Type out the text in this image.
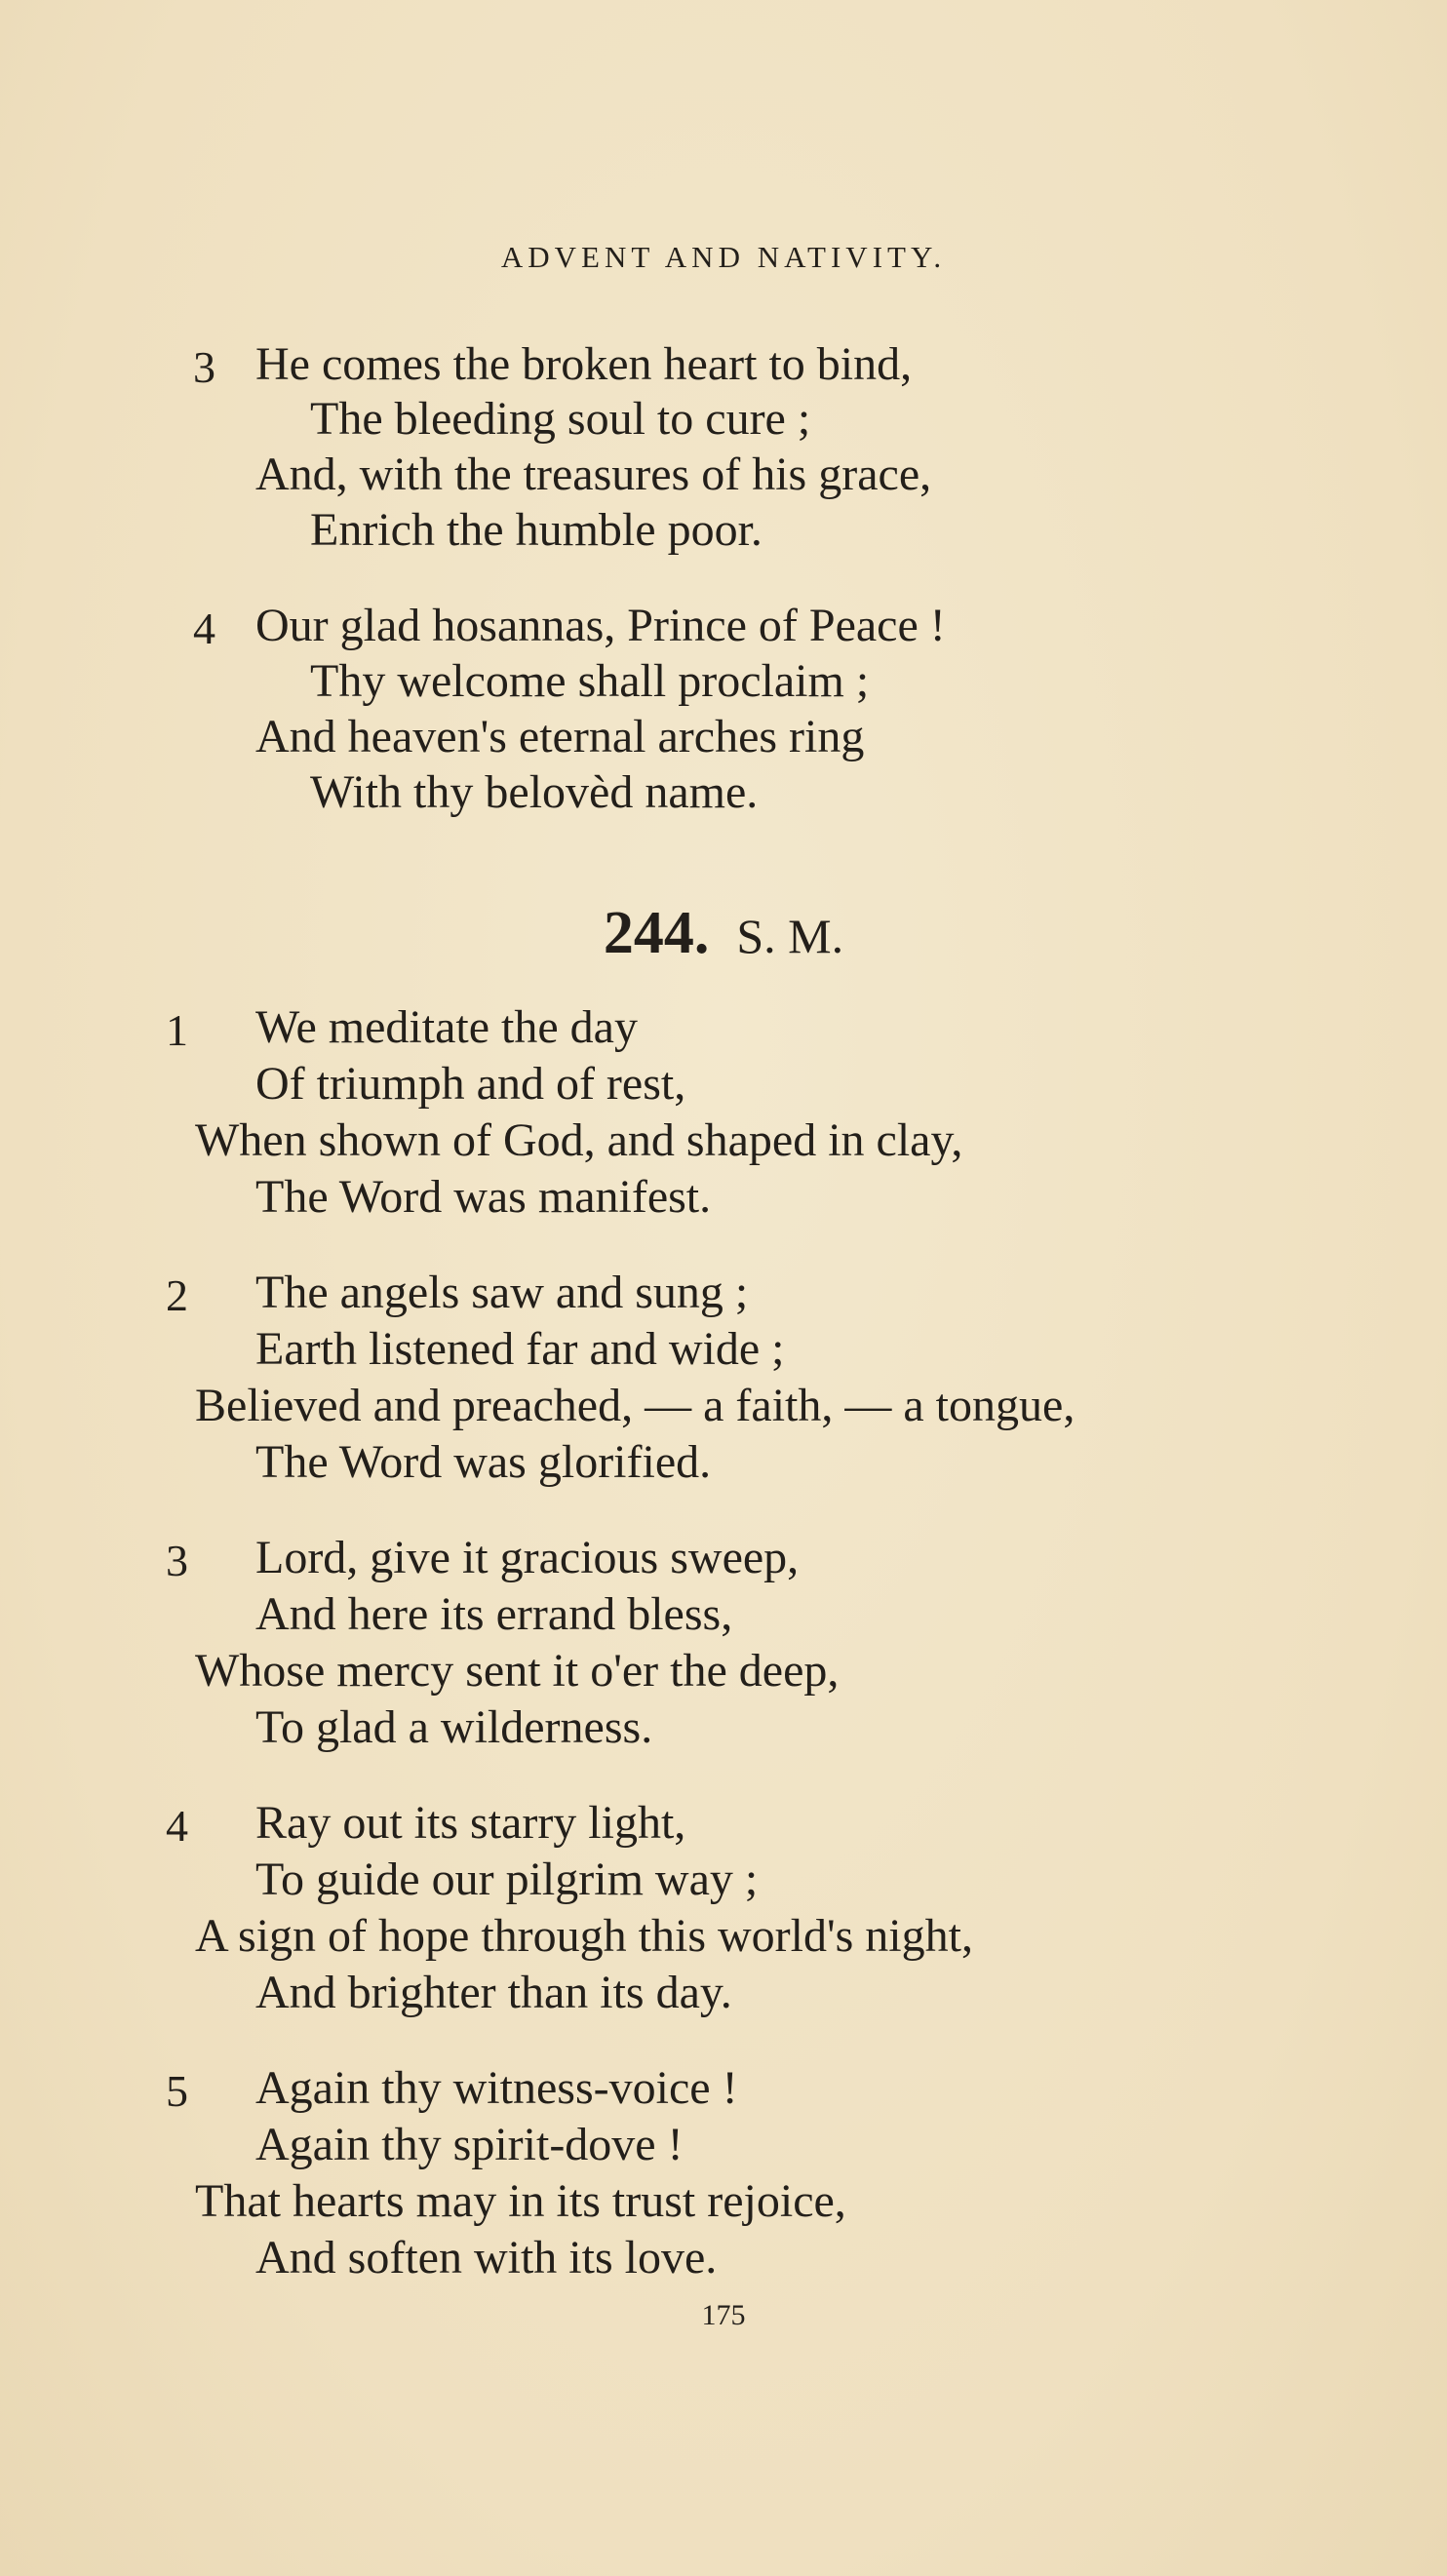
ADVENT AND NATIVITY.
3 He comes the broken heart to bind,
The bleeding soul to cure ;
And, with the treasures of his grace,
Enrich the humble poor.
4 Our glad hosannas, Prince of Peace !
Thy welcome shall proclaim ;
And heaven's eternal arches ring
With thy belovèd name.
244. S. M.
1 We meditate the day
Of triumph and of rest,
When shown of God, and shaped in clay,
The Word was manifest.
2 The angels saw and sung ;
Earth listened far and wide ;
Believed and preached, — a faith, — a tongue,
The Word was glorified.
3 Lord, give it gracious sweep,
And here its errand bless,
Whose mercy sent it o'er the deep,
To glad a wilderness.
4 Ray out its starry light,
To guide our pilgrim way ;
A sign of hope through this world's night,
And brighter than its day.
5 Again thy witness-voice !
Again thy spirit-dove !
That hearts may in its trust rejoice,
And soften with its love.
175
